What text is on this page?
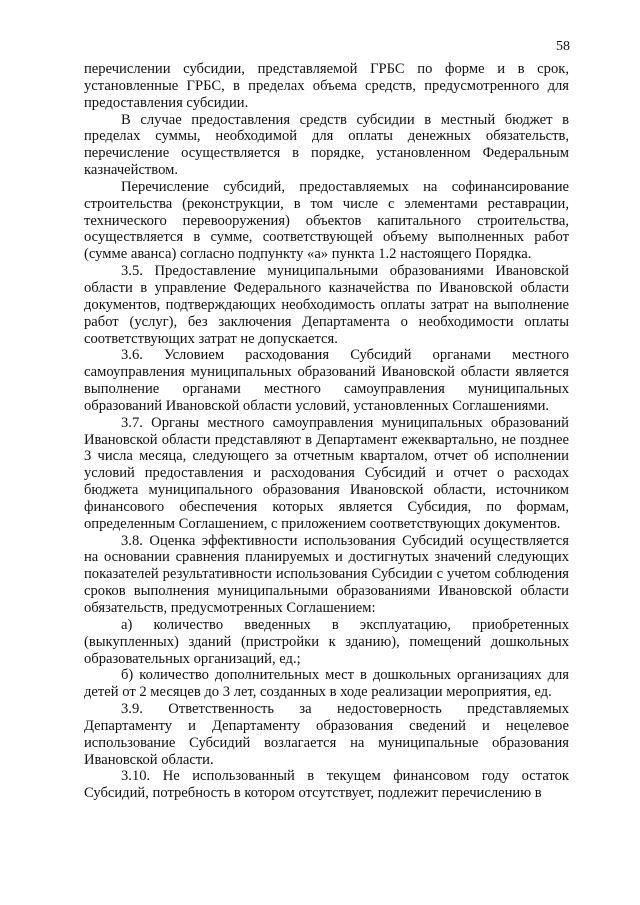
58

перечислении субсидии, представляемой ГРБС по форме и в срок, установленные ГРБС, в пределах объема средств, предусмотренного для предоставления субсидии.

В случае предоставления средств субсидии в местный бюджет в пределах суммы, необходимой для оплаты денежных обязательств, перечисление осуществляется в порядке, установленном Федеральным казначейством.

Перечисление субсидий, предоставляемых на софинансирование строительства (реконструкции, в том числе с элементами реставрации, технического перевооружения) объектов капитального строительства, осуществляется в сумме, соответствующей объему выполненных работ (сумме аванса) согласно подпункту «а» пункта 1.2 настоящего Порядка.

3.5. Предоставление муниципальными образованиями Ивановской области в управление Федерального казначейства по Ивановской области документов, подтверждающих необходимость оплаты затрат на выполнение работ (услуг), без заключения Департамента о необходимости оплаты соответствующих затрат не допускается.

3.6. Условием расходования Субсидий органами местного самоуправления муниципальных образований Ивановской области является выполнение органами местного самоуправления муниципальных образований Ивановской области условий, установленных Соглашениями.

3.7. Органы местного самоуправления муниципальных образований Ивановской области представляют в Департамент ежеквартально, не позднее 3 числа месяца, следующего за отчетным кварталом, отчет об исполнении условий предоставления и расходования Субсидий и отчет о расходах бюджета муниципального образования Ивановской области, источником финансового обеспечения которых является Субсидия, по формам, определенным Соглашением, с приложением соответствующих документов.

3.8. Оценка эффективности использования Субсидий осуществляется на основании сравнения планируемых и достигнутых значений следующих показателей результативности использования Субсидии с учетом соблюдения сроков выполнения муниципальными образованиями Ивановской области обязательств, предусмотренных Соглашением:

а) количество введенных в эксплуатацию, приобретенных (выкупленных) зданий (пристройки к зданию), помещений дошкольных образовательных организаций, ед.;

б) количество дополнительных мест в дошкольных организациях для детей от 2 месяцев до 3 лет, созданных в ходе реализации мероприятия, ед.

3.9. Ответственность за недостоверность представляемых Департаменту и Департаменту образования сведений и нецелевое использование Субсидий возлагается на муниципальные образования Ивановской области.

3.10. Не использованный в текущем финансовом году остаток Субсидий, потребность в котором отсутствует, подлежит перечислению в
